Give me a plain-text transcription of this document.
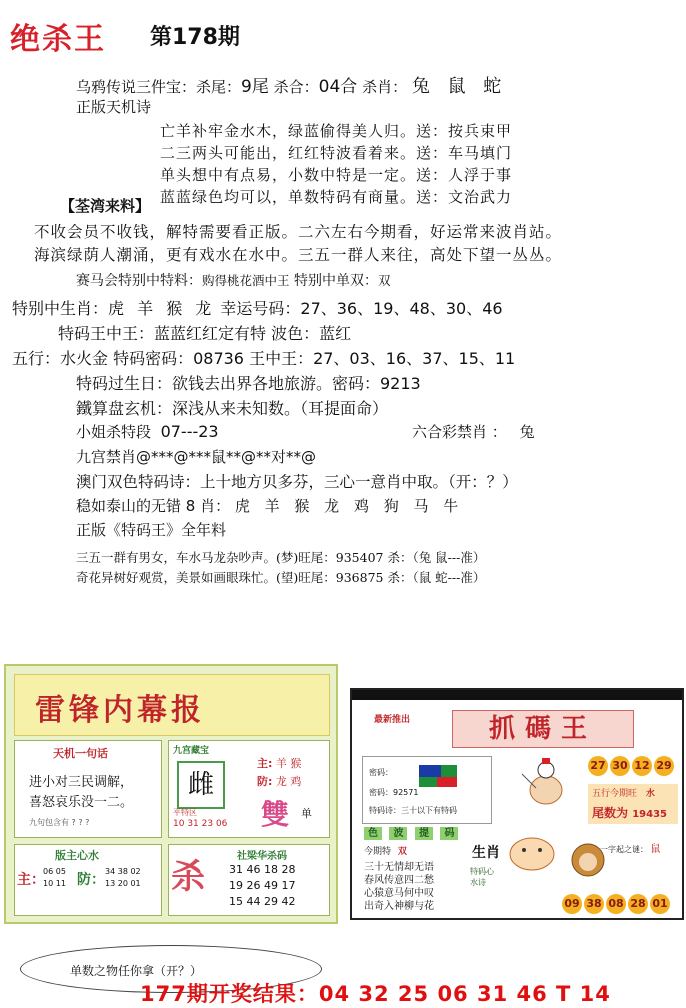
绝杀王 第178期
乌鸦传说三件宝：杀尾：9尾 杀合：04合 杀肖： 兔 鼠 蛇
正版天机诗
亡羊补牢金水木，绿蓝偷得美人归。送：按兵束甲
二三两头可能出，红红特波看着来。送：车马填门
单头想中有点易，小数中特是一定。送：人浮于事
蓝蓝绿色均可以，单数特码有商量。送：文治武力
【荃湾来料】
不收会员不收钱，解特需要看正版。二六左右今期看，好运常来波肖站。
海滨绿荫人潮涌，更有戏水在水中。三五一群人来往，高处下望一丛丛。
赛马会特别中特料：购得桃花酒中王 特别中单双：双
特别中生肖：虎 羊 猴 龙 幸运号码：27、36、19、48、30、46
特码王中王：蓝蓝红红定有特 波色：蓝红
五行：水火金 特码密码：08736 王中王：27、03、16、37、15、11
特码过生日：欲钱去出界各地旅游。密码：9213
鐵算盘玄机：深浅从来未知数。（耳提面命）
小姐杀特段 07---23	六合彩禁肖 ： 兔
九宫禁肖@***@***鼠**@**对**@
澳门双色特码诗：上十地方贝多芬，三心一意肖中取。（开：？）
稳如泰山的无错 8 肖： 虎 羊 猴 龙 鸡 狗 马 牛
正版《特码王》全年料
三五一群有男女，车水马龙杂吵声。(梦)旺尾：935407 杀：（兔 鼠---准）
奇花异树好观赏，美景如画眼珠忙。(望)旺尾：936875 杀：（鼠 蛇---准）
雷锋内幕报
天机一句话
进小对三民调解，
喜怒哀乐没一二。
九句包含有 ? ? ?
九宫藏宝
雌
平特区
10 31 23 06
主: 羊 猴
防: 龙 鸡
雙 单
版主心水
主：
06 05
10 11 防：
34 38 02
13 20 01 杀
社梁华杀码
31 46 18 28
19 26 49 17
15 44 29 42
最新推出	抓碼王
密码：
密码：92571
特码诗：三十以下有特码
27 30 12 29
五行今期旺 水
尾数为 19435
色 波 提 码
今期特 双
三十无情却无语
春风传意四二愁
心猿意马何中叹
出奇入神柳与花
生肖
特码心水诗
一字起之谜： 鼠
09 38 08 28 01
单数之物任你拿（开？）
177期开奖结果：04 32 25 06 31 46 T 14
